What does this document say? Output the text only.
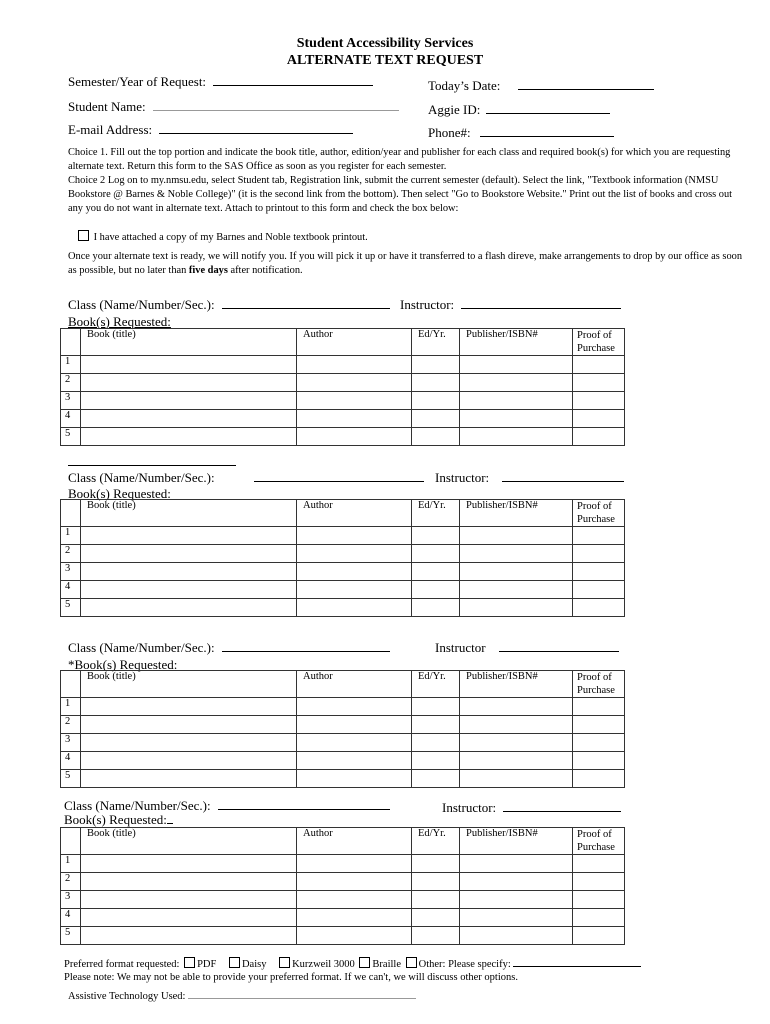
Student Accessibility Services
ALTERNATE TEXT REQUEST
Semester/Year of Request:	Today’s Date:
Student Name:	Aggie ID:
E-mail Address:	Phone#:
Choice 1. Fill out the top portion and indicate the book title, author, edition/year and publisher for each class and required book(s) for which you are requesting alternate text. Return this form to the SAS Office as soon as you register for each semester.
Choice 2 Log on to my.nmsu.edu, select Student tab, Registration link, submit the current semester (default). Select the link, "Textbook information (NMSU Bookstore @ Barnes & Noble College)" (it is the second link from the bottom). Then select "Go to Bookstore Website." Print out the list of books and cross out any you do not want in alternate text. Attach to printout to this form and check the box below:
I have attached a copy of my Barnes and Noble textbook printout.
Once your alternate text is ready, we will notify you. If you will pick it up or have it transferred to a flash direve, make arrangements to drop by our office as soon as possible, but no later than five days after notification.
Class (Name/Number/Sec.):	Instructor:
Book(s) Requested:
	Book (title)	Author	Ed/Yr.	Publisher/ISBN#	Proof of Purchase
1					
2					
3					
4					
5					
Class (Name/Number/Sec.):	Instructor:
Book(s) Requested:
	Book (title)	Author	Ed/Yr.	Publisher/ISBN#	Proof of Purchase
1					
2					
3					
4					
5					
Class (Name/Number/Sec.):	Instructor
*Book(s) Requested:
	Book (title)	Author	Ed/Yr.	Publisher/ISBN#	Proof of Purchase
1					
2					
3					
4					
5					
Class (Name/Number/Sec.):	Instructor:
Book(s) Requested:
	Book (title)	Author	Ed/Yr.	Publisher/ISBN#	Proof of Purchase
1					
2					
3					
4					
5					
Preferred format requested: PDF Daisy Kurzweil 3000 Braille Other: Please specify:
Please note: We may not be able to provide your preferred format. If we can't, we will discuss other options.
Assistive Technology Used:
